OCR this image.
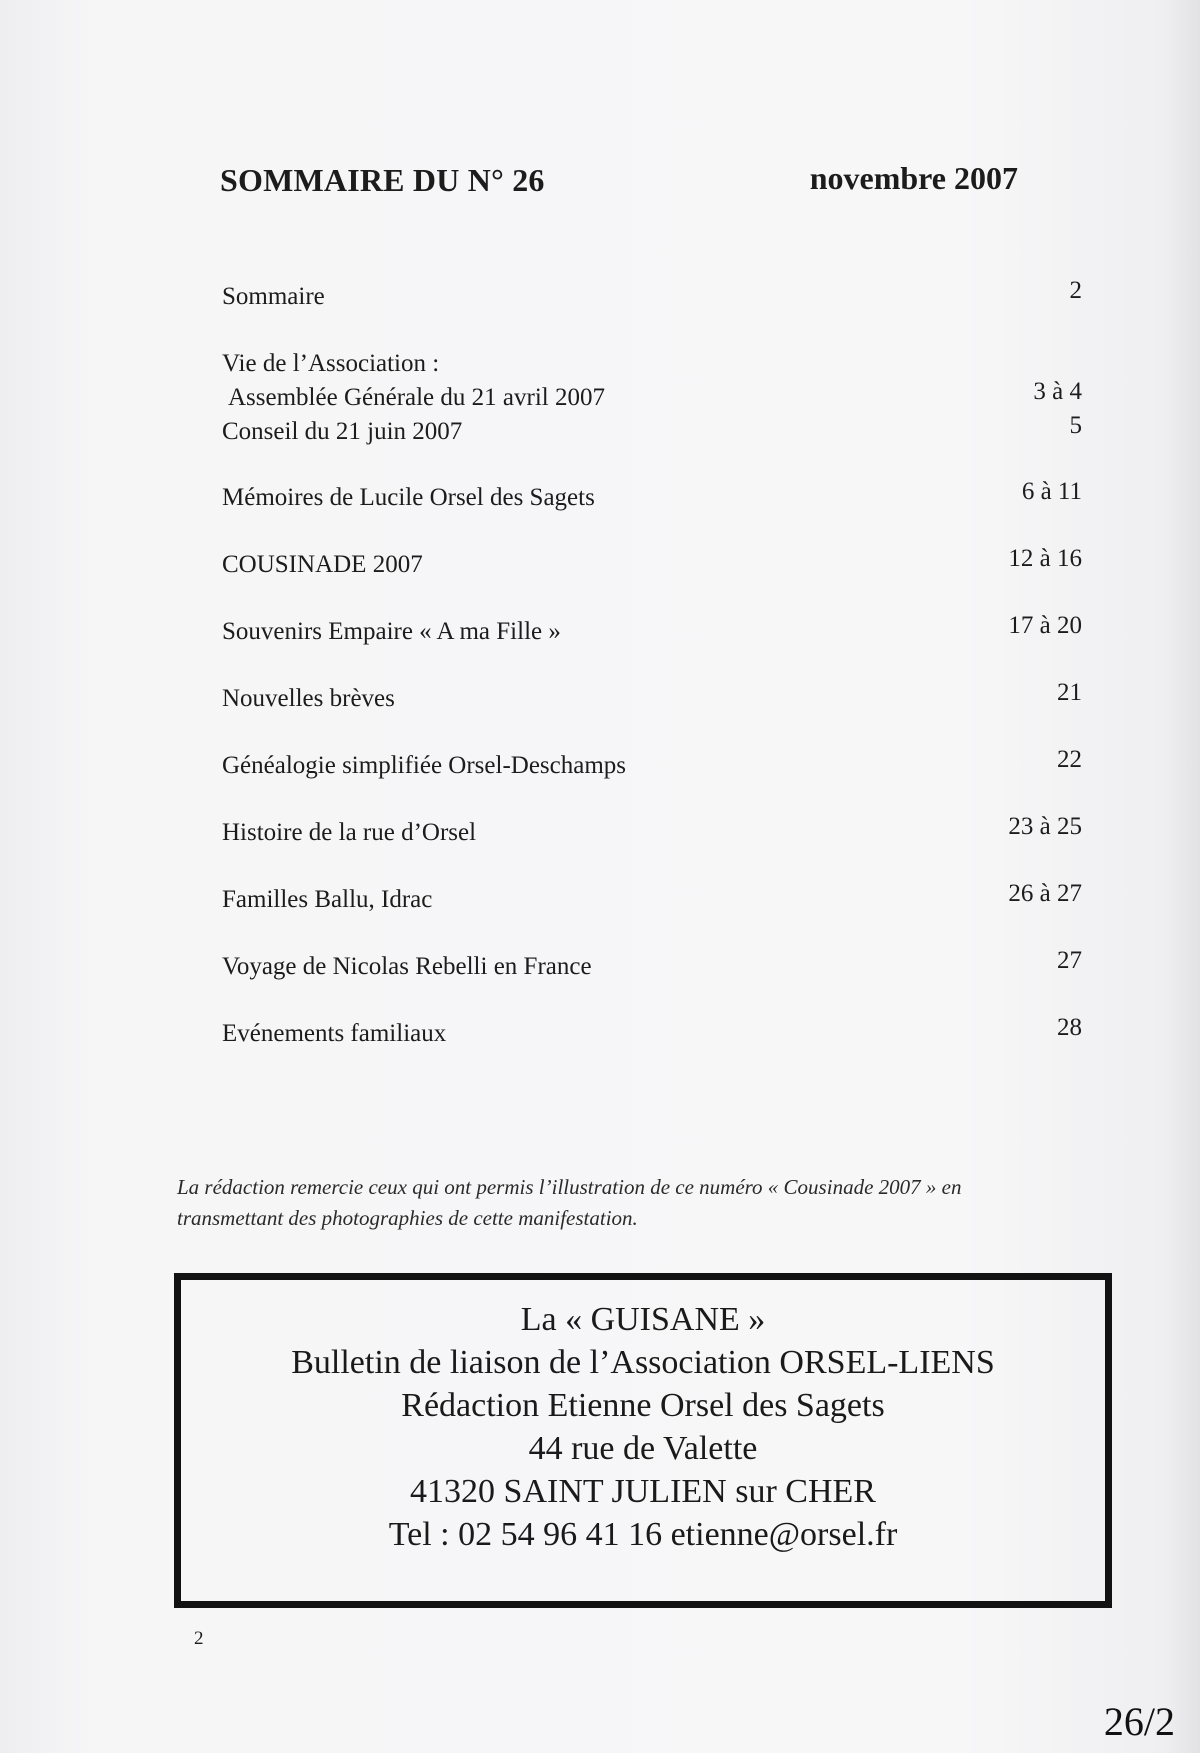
SOMMAIRE DU N° 26	novembre 2007
Sommaire	2
Vie de l’Association :
Assemblée Générale du 21 avril 2007	3 à 4
Conseil du 21 juin 2007	5
Mémoires de Lucile Orsel des Sagets	6 à 11
COUSINADE 2007	12 à 16
Souvenirs Empaire « A ma Fille »	17 à 20
Nouvelles brèves	21
Généalogie simplifiée Orsel-Deschamps	22
Histoire de la rue d’Orsel	23 à 25
Familles Ballu, Idrac	26 à 27
Voyage de Nicolas Rebelli en France	27
Evénements familiaux	28
La rédaction remercie ceux qui ont permis l’illustration de ce numéro « Cousinade 2007 » en
transmettant des photographies de cette manifestation.
La « GUISANE »
Bulletin de liaison de l’Association ORSEL-LIENS
Rédaction Etienne Orsel des Sagets
44 rue de Valette
41320 SAINT JULIEN sur CHER
Tel : 02 54 96 41 16 etienne@orsel.fr
2
26/2
